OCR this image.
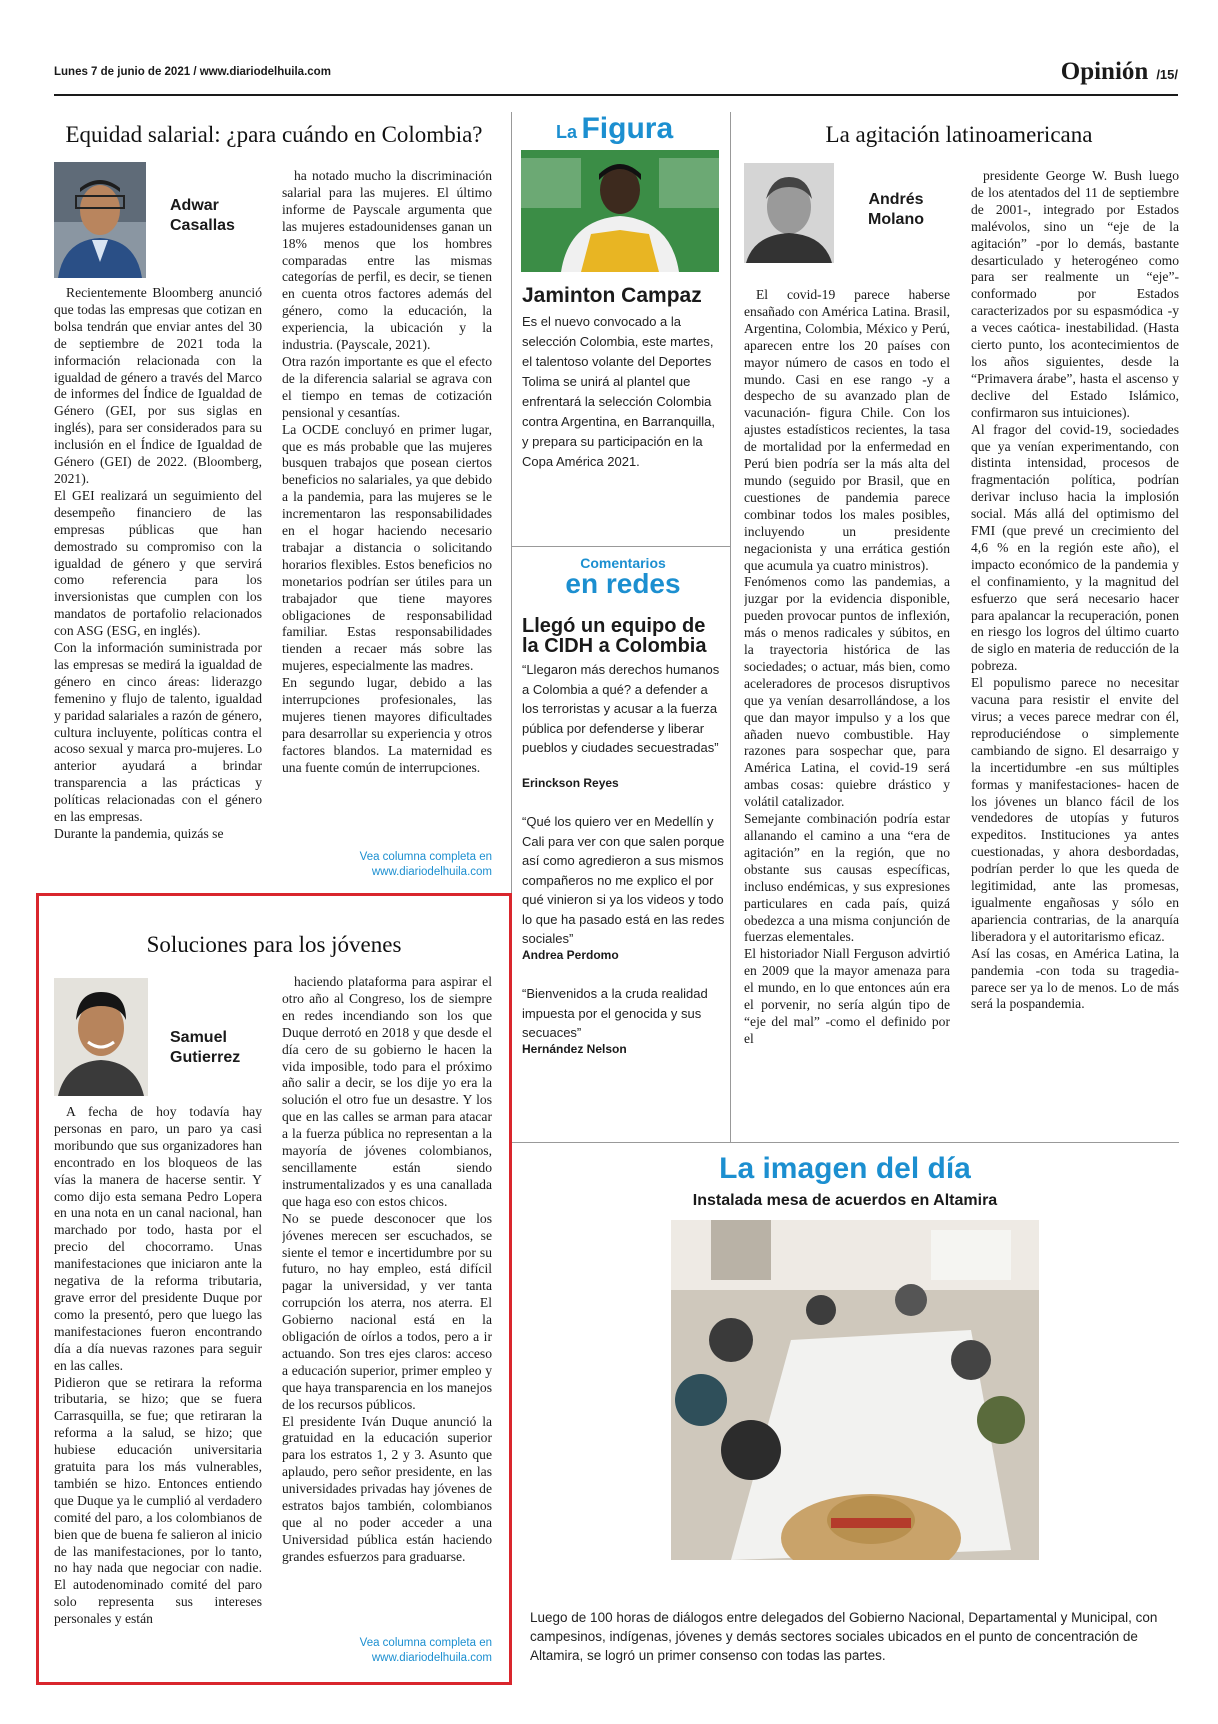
Lunes 7 de junio de 2021 / www.diariodelhuila.com	Opinión /15/
Equidad salarial: ¿para cuándo en Colombia?
Adwar Casallas

Recientemente Bloomberg anunció que todas las empresas que cotizan en bolsa tendrán que enviar antes del 30 de septiembre de 2021 toda la información relacionada con la igualdad de género a través del Marco de informes del Índice de Igualdad de Género (GEI, por sus siglas en inglés), para ser considerados para su inclusión en el Índice de Igualdad de Género (GEI) de 2022. (Bloomberg, 2021).
El GEI realizará un seguimiento del desempeño financiero de las empresas públicas que han demostrado su compromiso con la igualdad de género y que servirá como referencia para los inversionistas que cumplen con los mandatos de portafolio relacionados con ASG (ESG, en inglés).
Con la información suministrada por las empresas se medirá la igualdad de género en cinco áreas: liderazgo femenino y flujo de talento, igualdad y paridad salariales a razón de género, cultura incluyente, políticas contra el acoso sexual y marca pro-mujeres. Lo anterior ayudará a brindar transparencia a las prácticas y políticas relacionadas con el género en las empresas.
Durante la pandemia, quizás se

ha notado mucho la discriminación salarial para las mujeres. El último informe de Payscale argumenta que las mujeres estadounidenses ganan un 18% menos que los hombres comparadas entre las mismas categorías de perfil, es decir, se tienen en cuenta otros factores además del género, como la educación, la experiencia, la ubicación y la industria. (Payscale, 2021).
Otra razón importante es que el efecto de la diferencia salarial se agrava con el tiempo en temas de cotización pensional y cesantías.
La OCDE concluyó en primer lugar, que es más probable que las mujeres busquen trabajos que posean ciertos beneficios no salariales, ya que debido a la pandemia, para las mujeres se le incrementaron las responsabilidades en el hogar haciendo necesario trabajar a distancia o solicitando horarios flexibles. Estos beneficios no monetarios podrían ser útiles para un trabajador que tiene mayores obligaciones de responsabilidad familiar. Estas responsabilidades tienden a recaer más sobre las mujeres, especialmente las madres.
En segundo lugar, debido a las interrupciones profesionales, las mujeres tienen mayores dificultades para desarrollar su experiencia y otros factores blandos. La maternidad es una fuente común de interrupciones.

Vea columna completa en
www.diariodelhuila.com
Soluciones para los jóvenes
Samuel Gutierrez

A fecha de hoy todavía hay personas en paro, un paro ya casi moribundo que sus organizadores han encontrado en los bloqueos de las vías la manera de hacerse sentir. Y como dijo esta semana Pedro Lopera en una nota en un canal nacional, han marchado por todo, hasta por el precio del chocorramo. Unas manifestaciones que iniciaron ante la negativa de la reforma tributaria, grave error del presidente Duque por como la presentó, pero que luego las manifestaciones fueron encontrando día a día nuevas razones para seguir en las calles.
Pidieron que se retirara la reforma tributaria, se hizo; que se fuera Carrasquilla, se fue; que retiraran la reforma a la salud, se hizo; que hubiese educación universitaria gratuita para los más vulnerables, también se hizo. Entonces entiendo que Duque ya le cumplió al verdadero comité del paro, a los colombianos de bien que de buena fe salieron al inicio de las manifestaciones, por lo tanto, no hay nada que negociar con nadie. El autodenominado comité del paro solo representa sus intereses personales y están

haciendo plataforma para aspirar el otro año al Congreso, los de siempre en redes incendiando son los que Duque derrotó en 2018 y que desde el día cero de su gobierno le hacen la vida imposible, todo para el próximo año salir a decir, se los dije yo era la solución el otro fue un desastre. Y los que en las calles se arman para atacar a la fuerza pública no representan a la mayoría de jóvenes colombianos, sencillamente están siendo instrumentalizados y es una canallada que haga eso con estos chicos.
No se puede desconocer que los jóvenes merecen ser escuchados, se siente el temor e incertidumbre por su futuro, no hay empleo, está difícil pagar la universidad, y ver tanta corrupción los aterra, nos aterra. El Gobierno nacional está en la obligación de oírlos a todos, pero a ir actuando. Son tres ejes claros: acceso a educación superior, primer empleo y que haya transparencia en los manejos de los recursos públicos.
El presidente Iván Duque anunció la gratuidad en la educación superior para los estratos 1, 2 y 3. Asunto que aplaudo, pero señor presidente, en las universidades privadas hay jóvenes de estratos bajos también, colombianos que al no poder acceder a una Universidad pública están haciendo grandes esfuerzos para graduarse.

Vea columna completa en
www.diariodelhuila.com
La Figura
Jaminton Campaz
Es el nuevo convocado a la selección Colombia, este martes, el talentoso volante del Deportes Tolima se unirá al plantel que enfrentará la selección Colombia contra Argentina, en Barranquilla, y prepara su participación en la Copa América 2021.
Comentarios
en redes
Llegó un equipo de la CIDH a Colombia
“Llegaron más derechos humanos a Colombia a qué? a defender a los terroristas y acusar a la fuerza pública por defenderse y liberar pueblos y ciudades secuestradas”
Erinckson Reyes
“Qué los quiero ver en Medellín y Cali para ver con que salen porque así como agredieron a sus mismos compañeros no me explico el por qué vinieron si ya los videos y todo lo que ha pasado está en las redes sociales”
Andrea Perdomo
“Bienvenidos a la cruda realidad impuesta por el genocida y sus secuaces”
Hernández Nelson
La agitación latinoamericana
Andrés Molano

El covid-19 parece haberse ensañado con América Latina. Brasil, Argentina, Colombia, México y Perú, aparecen entre los 20 países con mayor número de casos en todo el mundo. Casi en ese rango -y a despecho de su avanzado plan de vacunación- figura Chile. Con los ajustes estadísticos recientes, la tasa de mortalidad por la enfermedad en Perú bien podría ser la más alta del mundo (seguido por Brasil, que en cuestiones de pandemia parece combinar todos los males posibles, incluyendo un presidente negacionista y una errática gestión que acumula ya cuatro ministros).
Fenómenos como las pandemias, a juzgar por la evidencia disponible, pueden provocar puntos de inflexión, más o menos radicales y súbitos, en la trayectoria histórica de las sociedades; o actuar, más bien, como aceleradores de procesos disruptivos que ya venían desarrollándose, a los que dan mayor impulso y a los que añaden nuevo combustible. Hay razones para sospechar que, para América Latina, el covid-19 será ambas cosas: quiebre drástico y volátil catalizador.
Semejante combinación podría estar allanando el camino a una “era de agitación” en la región, que no obstante sus causas específicas, incluso endémicas, y sus expresiones particulares en cada país, quizá obedezca a una misma conjunción de fuerzas elementales.
El historiador Niall Ferguson advirtió en 2009 que la mayor amenaza para el mundo, en lo que entonces aún era el porvenir, no sería algún tipo de “eje del mal” -como el definido por el

presidente George W. Bush luego de los atentados del 11 de septiembre de 2001-, integrado por Estados malévolos, sino un “eje de la agitación” -por lo demás, bastante desarticulado y heterogéneo como para ser realmente un “eje”- conformado por Estados caracterizados por su espasmódica -y a veces caótica- inestabilidad. (Hasta cierto punto, los acontecimientos de los años siguientes, desde la “Primavera árabe”, hasta el ascenso y declive del Estado Islámico, confirmaron sus intuiciones).
Al fragor del covid-19, sociedades que ya venían experimentando, con distinta intensidad, procesos de fragmentación política, podrían derivar incluso hacia la implosión social. Más allá del optimismo del FMI (que prevé un crecimiento del 4,6 % en la región este año), el impacto económico de la pandemia y el confinamiento, y la magnitud del esfuerzo que será necesario hacer para apalancar la recuperación, ponen en riesgo los logros del último cuarto de siglo en materia de reducción de la pobreza.
El populismo parece no necesitar vacuna para resistir el envite del virus; a veces parece medrar con él, reproduciéndose o simplemente cambiando de signo. El desarraigo y la incertidumbre -en sus múltiples formas y manifestaciones- hacen de los jóvenes un blanco fácil de los vendedores de utopías y futuros expeditos. Instituciones ya antes cuestionadas, y ahora desbordadas, podrían perder lo que les queda de legitimidad, ante las promesas, igualmente engañosas y sólo en apariencia contrarias, de la anarquía liberadora y el autoritarismo eficaz.
Así las cosas, en América Latina, la pandemia -con toda su tragedia- parece ser ya lo de menos. Lo de más será la pospandemia.

La imagen del día
Instalada mesa de acuerdos en Altamira
Luego de 100 horas de diálogos entre delegados del Gobierno Nacional, Departamental y Municipal, con campesinos, indígenas, jóvenes y demás sectores sociales ubicados en el punto de concentración de Altamira, se logró un primer consenso con todas las partes.
